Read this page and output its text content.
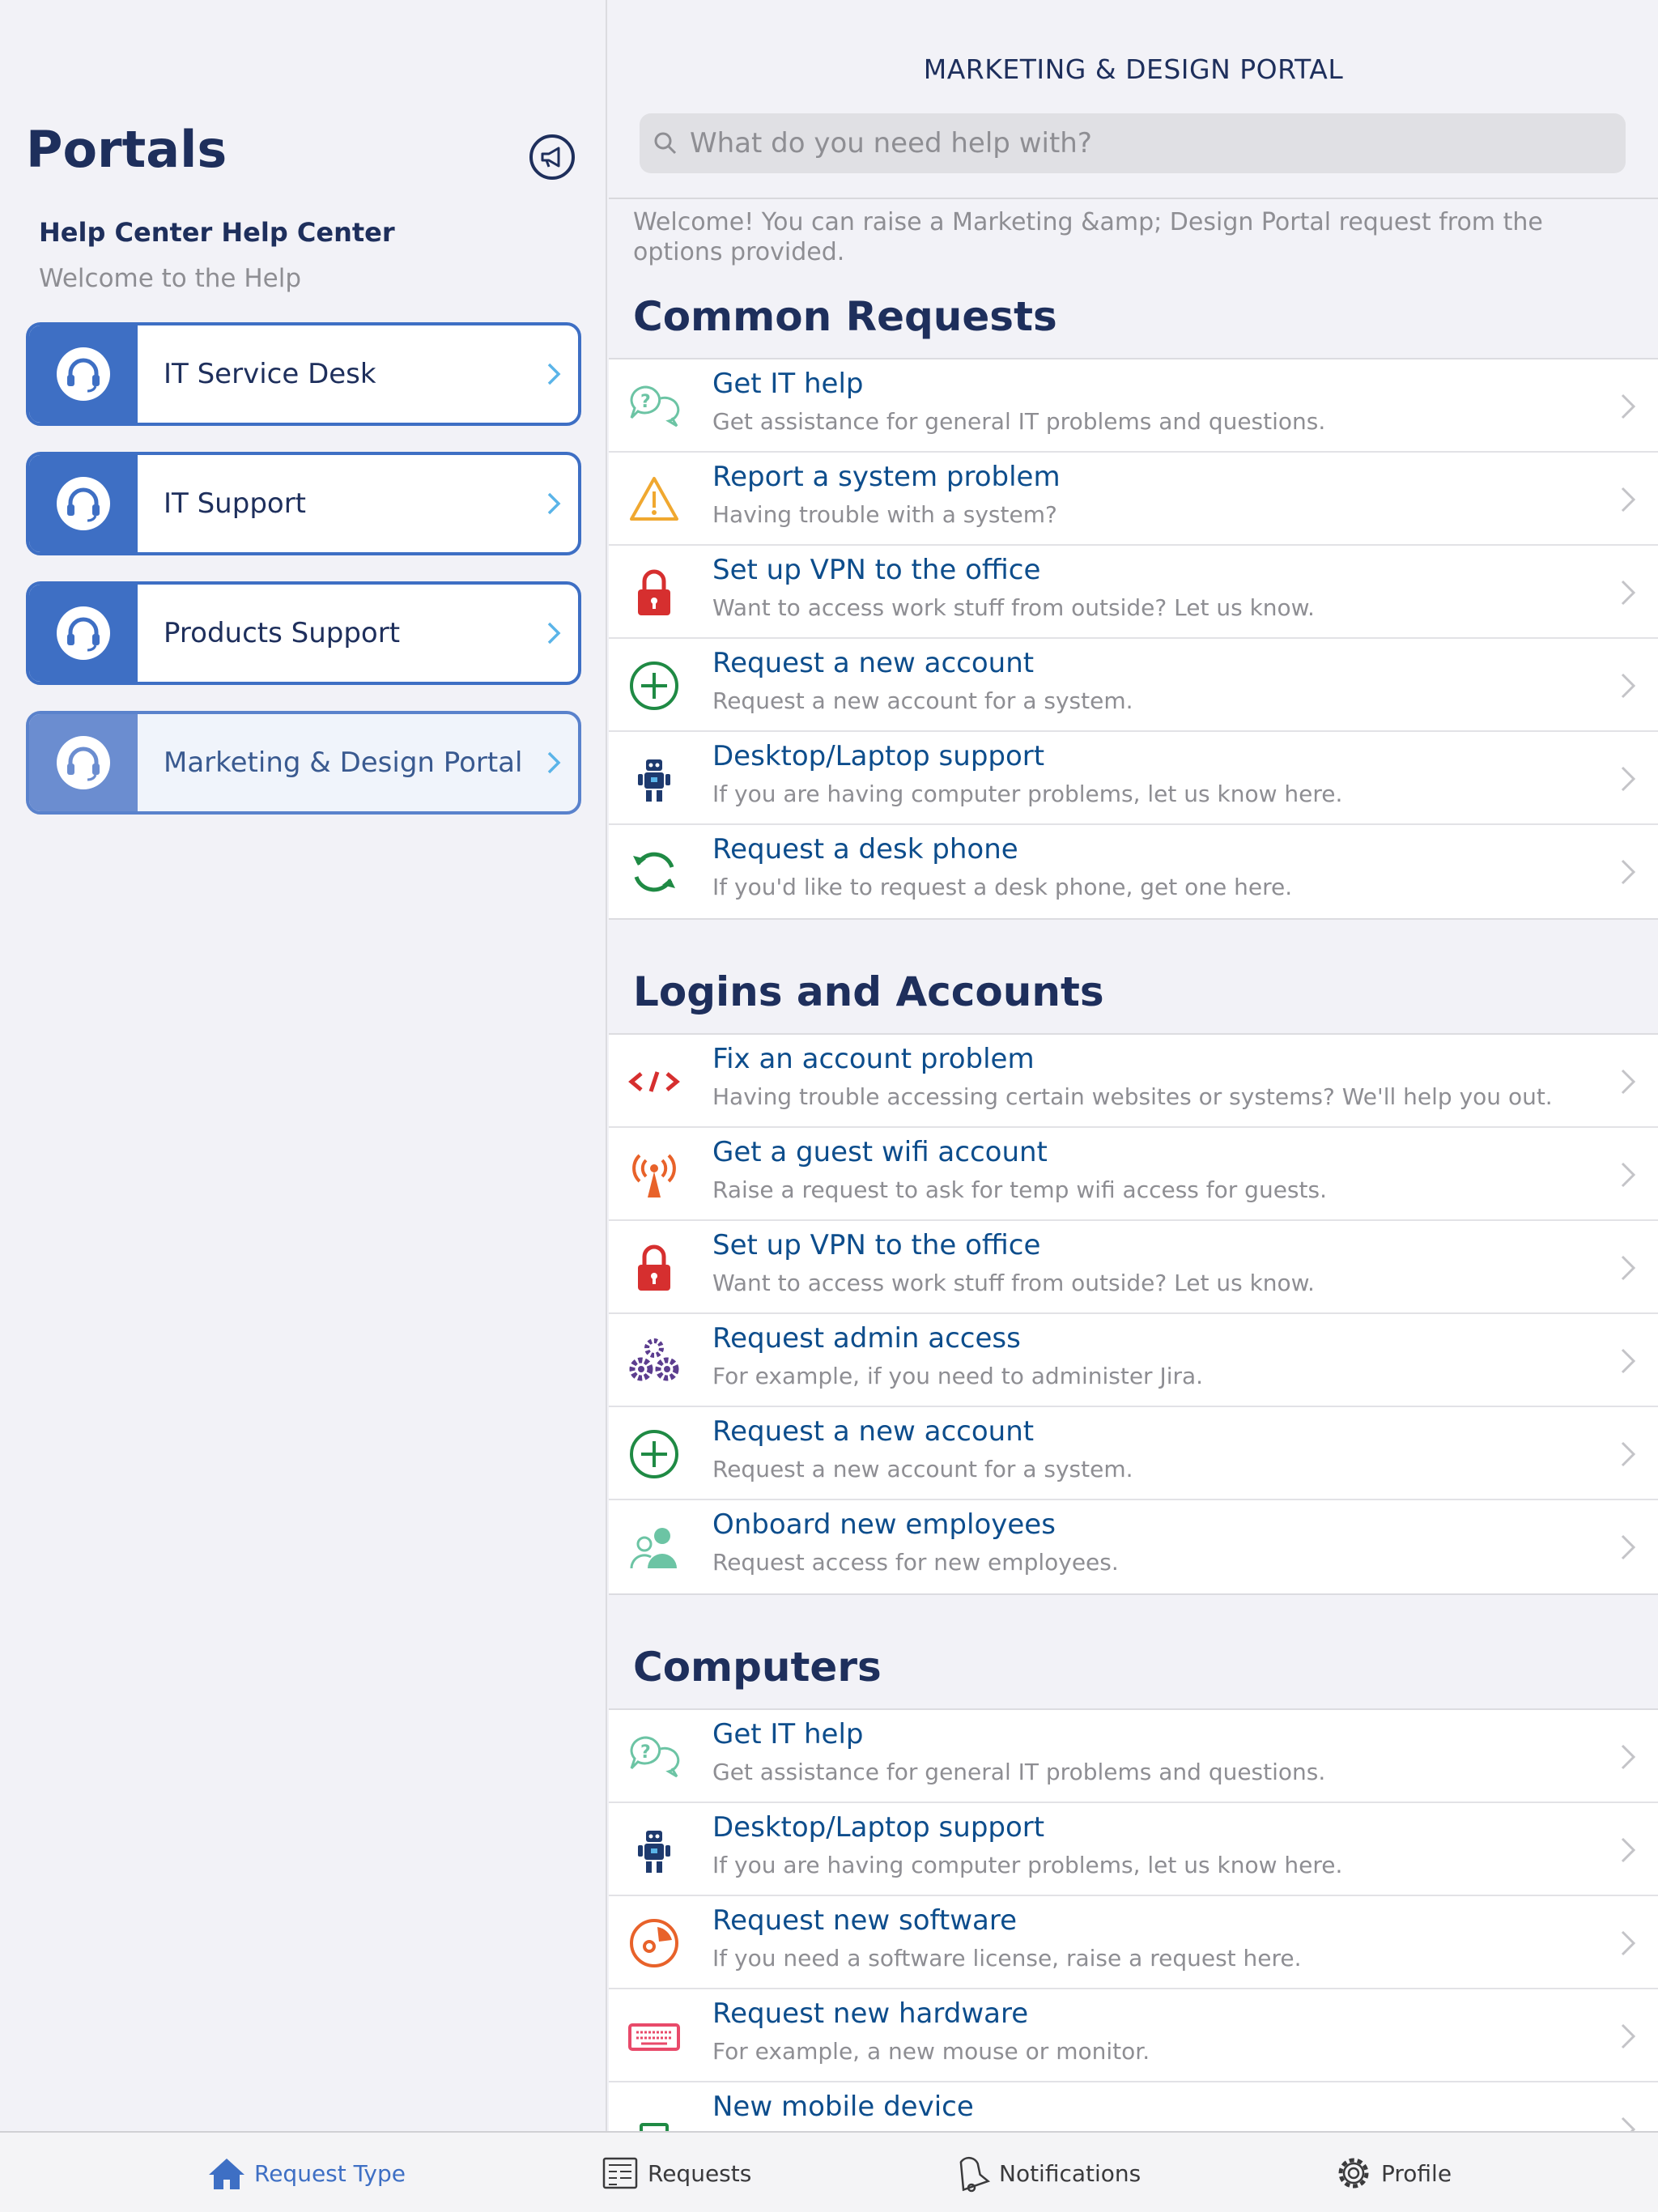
Portals
Help Center Help Center
Welcome to the Help
IT Service Desk
IT Support
Products Support
Marketing & Design Portal
MARKETING & DESIGN PORTAL
What do you need help with?
Welcome! You can raise a Marketing &amp; Design Portal request from the options provided.
Common Requests
?
Get IT help
Get assistance for general IT problems and questions.
Report a system problem
Having trouble with a system?
Set up VPN to the office
Want to access work stuff from outside? Let us know.
Request a new account
Request a new account for a system.
Desktop/Laptop support
If you are having computer problems, let us know here.
Request a desk phone
If you'd like to request a desk phone, get one here.
Logins and Accounts
Fix an account problem
Having trouble accessing certain websites or systems? We'll help you out.
Get a guest wifi account
Raise a request to ask for temp wifi access for guests.
Set up VPN to the office
Want to access work stuff from outside? Let us know.
Request admin access
For example, if you need to administer Jira.
Request a new account
Request a new account for a system.
Onboard new employees
Request access for new employees.
Computers
?
Get IT help
Get assistance for general IT problems and questions.
Desktop/Laptop support
If you are having computer problems, let us know here.
Request new software
If you need a software license, raise a request here.
Request new hardware
For example, a new mouse or monitor.
New mobile device
Request Type	Requests	Notifications	Profile
